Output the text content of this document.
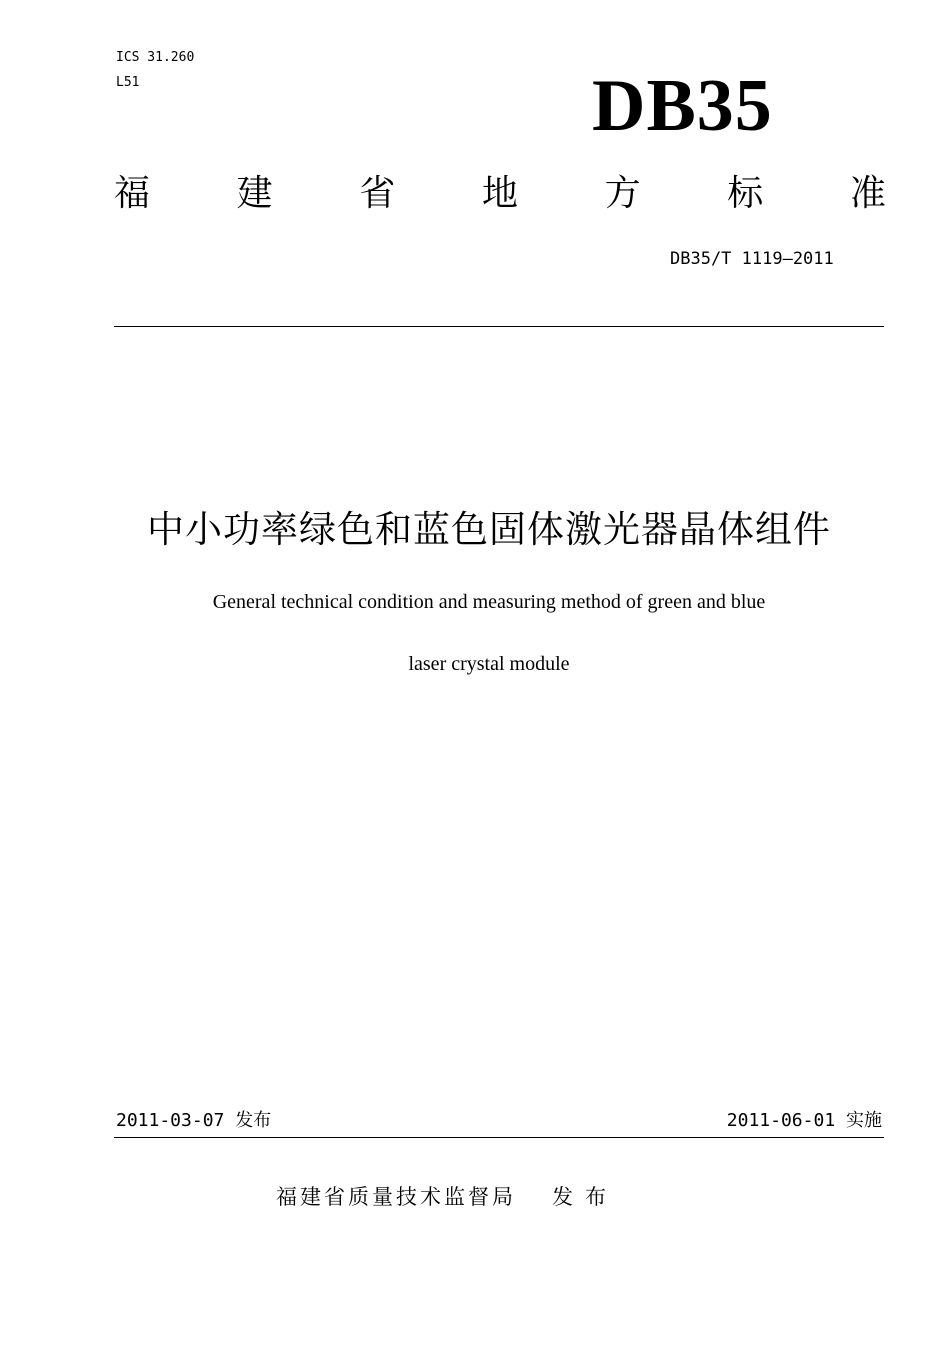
ICS 31.260
L51	DB35
福 建 省 地 方 标 准
DB35/T 1119—2011
中小功率绿色和蓝色固体激光器晶体组件
General technical condition and measuring method of green and blue
laser crystal module
2011-03-07 发布	2011-06-01 实施
福建省质量技术监督局 发布
